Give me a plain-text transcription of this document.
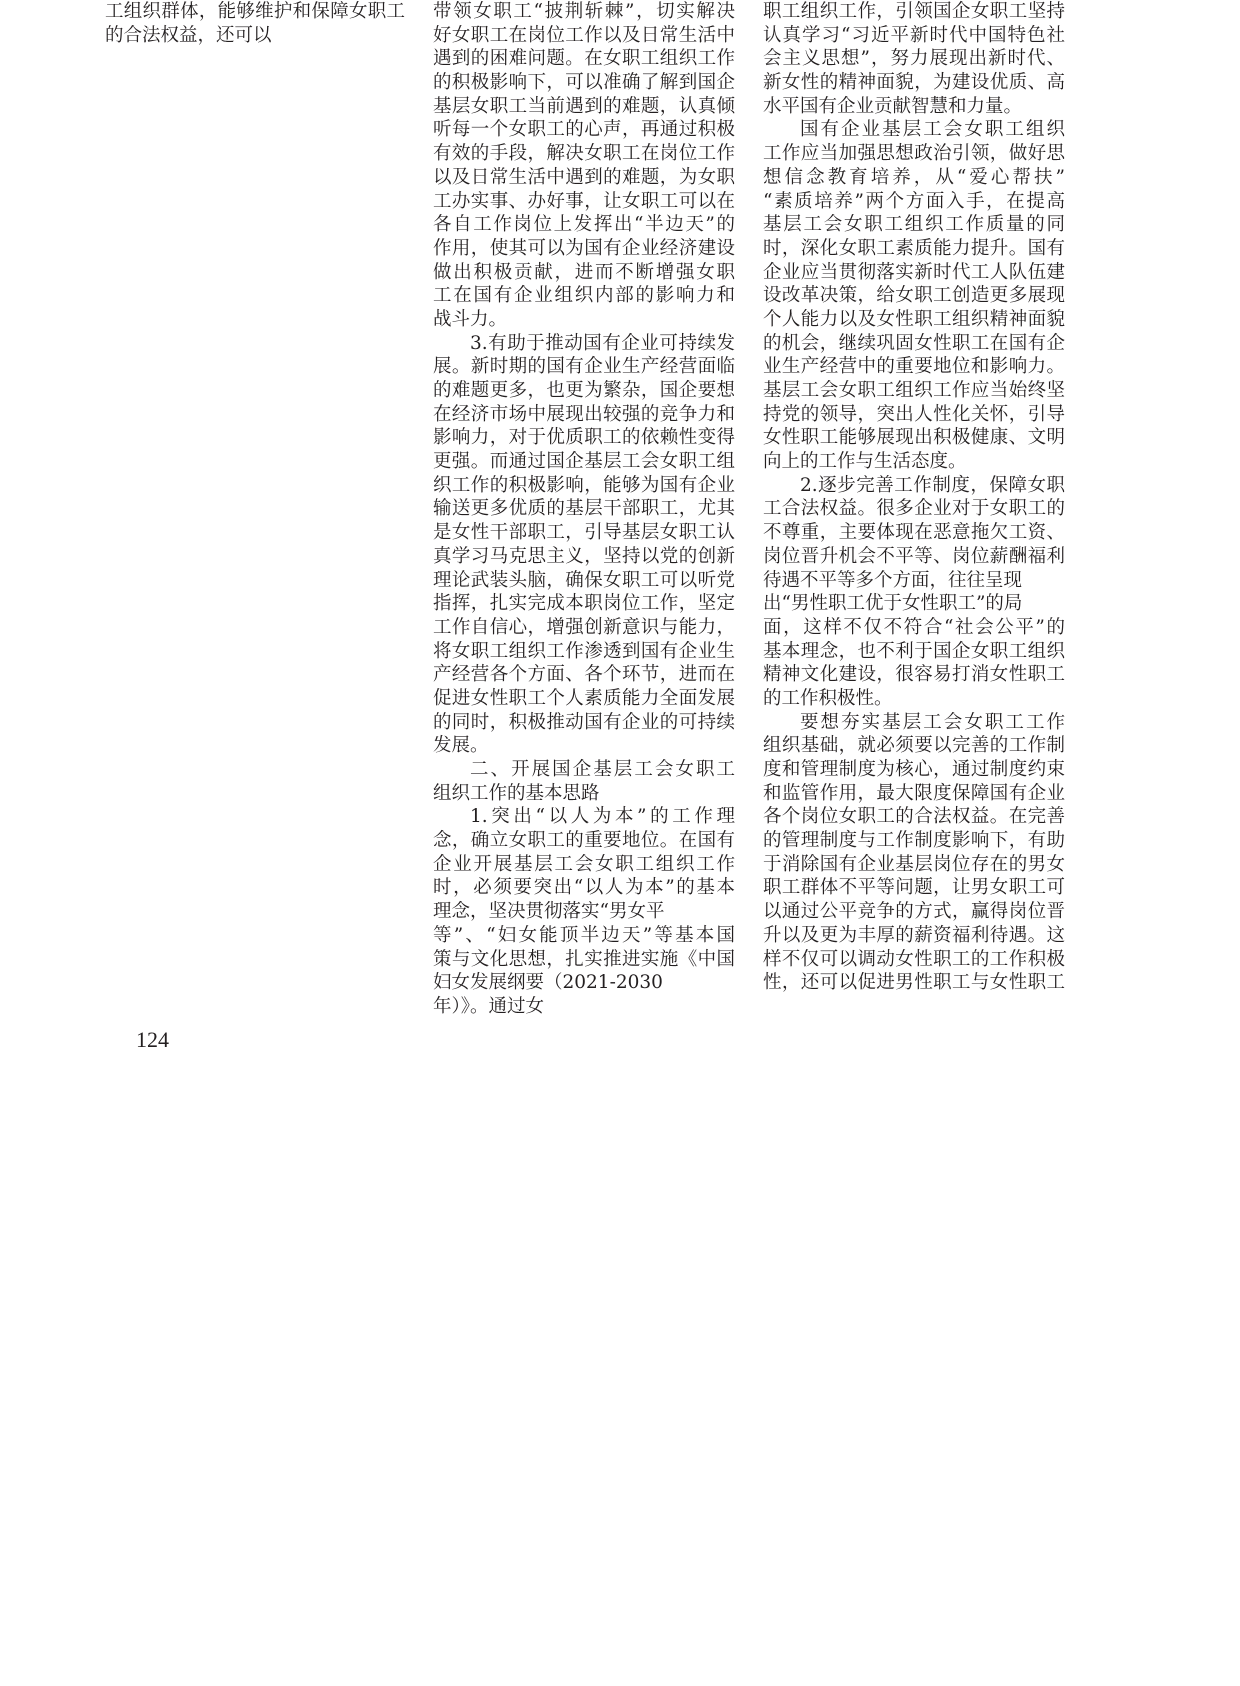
工组织群体，能够维护和保障女职工
的合法权益，还可以
带领女职工“披荆斩棘”，切实解决
好女职工在岗位工作以及日常生活中
遇到的困难问题。在女职工组织工作
的积极影响下，可以准确了解到国企
基层女职工当前遇到的难题，认真倾
听每一个女职工的心声，再通过积极
有效的手段，解决女职工在岗位工作
以及日常生活中遇到的难题，为女职
工办实事、办好事，让女职工可以在
各自工作岗位上发挥出“半边天”的
作用，使其可以为国有企业经济建设
做出积极贡献，进而不断增强女职
工在国有企业组织内部的影响力和
战斗力。
3.有助于推动国有企业可持续发
展。新时期的国有企业生产经营面临
的难题更多，也更为繁杂，国企要想
在经济市场中展现出较强的竞争力和
影响力，对于优质职工的依赖性变得
更强。而通过国企基层工会女职工组
织工作的积极影响，能够为国有企业
输送更多优质的基层干部职工，尤其
是女性干部职工，引导基层女职工认
真学习马克思主义，坚持以党的创新
理论武装头脑，确保女职工可以听党
指挥，扎实完成本职岗位工作，坚定
工作自信心，增强创新意识与能力，
将女职工组织工作渗透到国有企业生
产经营各个方面、各个环节，进而在
促进女性职工个人素质能力全面发展
的同时，积极推动国有企业的可持续
发展。
二、开展国企基层工会女职工
组织工作的基本思路
1.突出“以人为本”的工作理
念，确立女职工的重要地位。在国有
企业开展基层工会女职工组织工作
时，必须要突出“以人为本”的基本
理念，坚决贯彻落实“男女平
等”、“妇女能顶半边天”等基本国
策与文化思想，扎实推进实施《中国
妇女发展纲要（2021-2030
年）》。通过女
职工组织工作，引领国企女职工坚持
认真学习“习近平新时代中国特色社
会主义思想”，努力展现出新时代、
新女性的精神面貌，为建设优质、高
水平国有企业贡献智慧和力量。
国有企业基层工会女职工组织
工作应当加强思想政治引领，做好思
想信念教育培养，从“爱心帮扶”
“素质培养”两个方面入手，在提高
基层工会女职工组织工作质量的同
时，深化女职工素质能力提升。国有
企业应当贯彻落实新时代工人队伍建
设改革决策，给女职工创造更多展现
个人能力以及女性职工组织精神面貌
的机会，继续巩固女性职工在国有企
业生产经营中的重要地位和影响力。
基层工会女职工组织工作应当始终坚
持党的领导，突出人性化关怀，引导
女性职工能够展现出积极健康、文明
向上的工作与生活态度。
2.逐步完善工作制度，保障女职
工合法权益。很多企业对于女职工的
不尊重，主要体现在恶意拖欠工资、
岗位晋升机会不平等、岗位薪酬福利
待遇不平等多个方面，往往呈现
出“男性职工优于女性职工”的局
面，这样不仅不符合“社会公平”的
基本理念，也不利于国企女职工组织
精神文化建设，很容易打消女性职工
的工作积极性。
要想夯实基层工会女职工工作
组织基础，就必须要以完善的工作制
度和管理制度为核心，通过制度约束
和监管作用，最大限度保障国有企业
各个岗位女职工的合法权益。在完善
的管理制度与工作制度影响下，有助
于消除国有企业基层岗位存在的男女
职工群体不平等问题，让男女职工可
以通过公平竞争的方式，赢得岗位晋
升以及更为丰厚的薪资福利待遇。这
样不仅可以调动女性职工的工作积极
性，还可以促进男性职工与女性职工
124
